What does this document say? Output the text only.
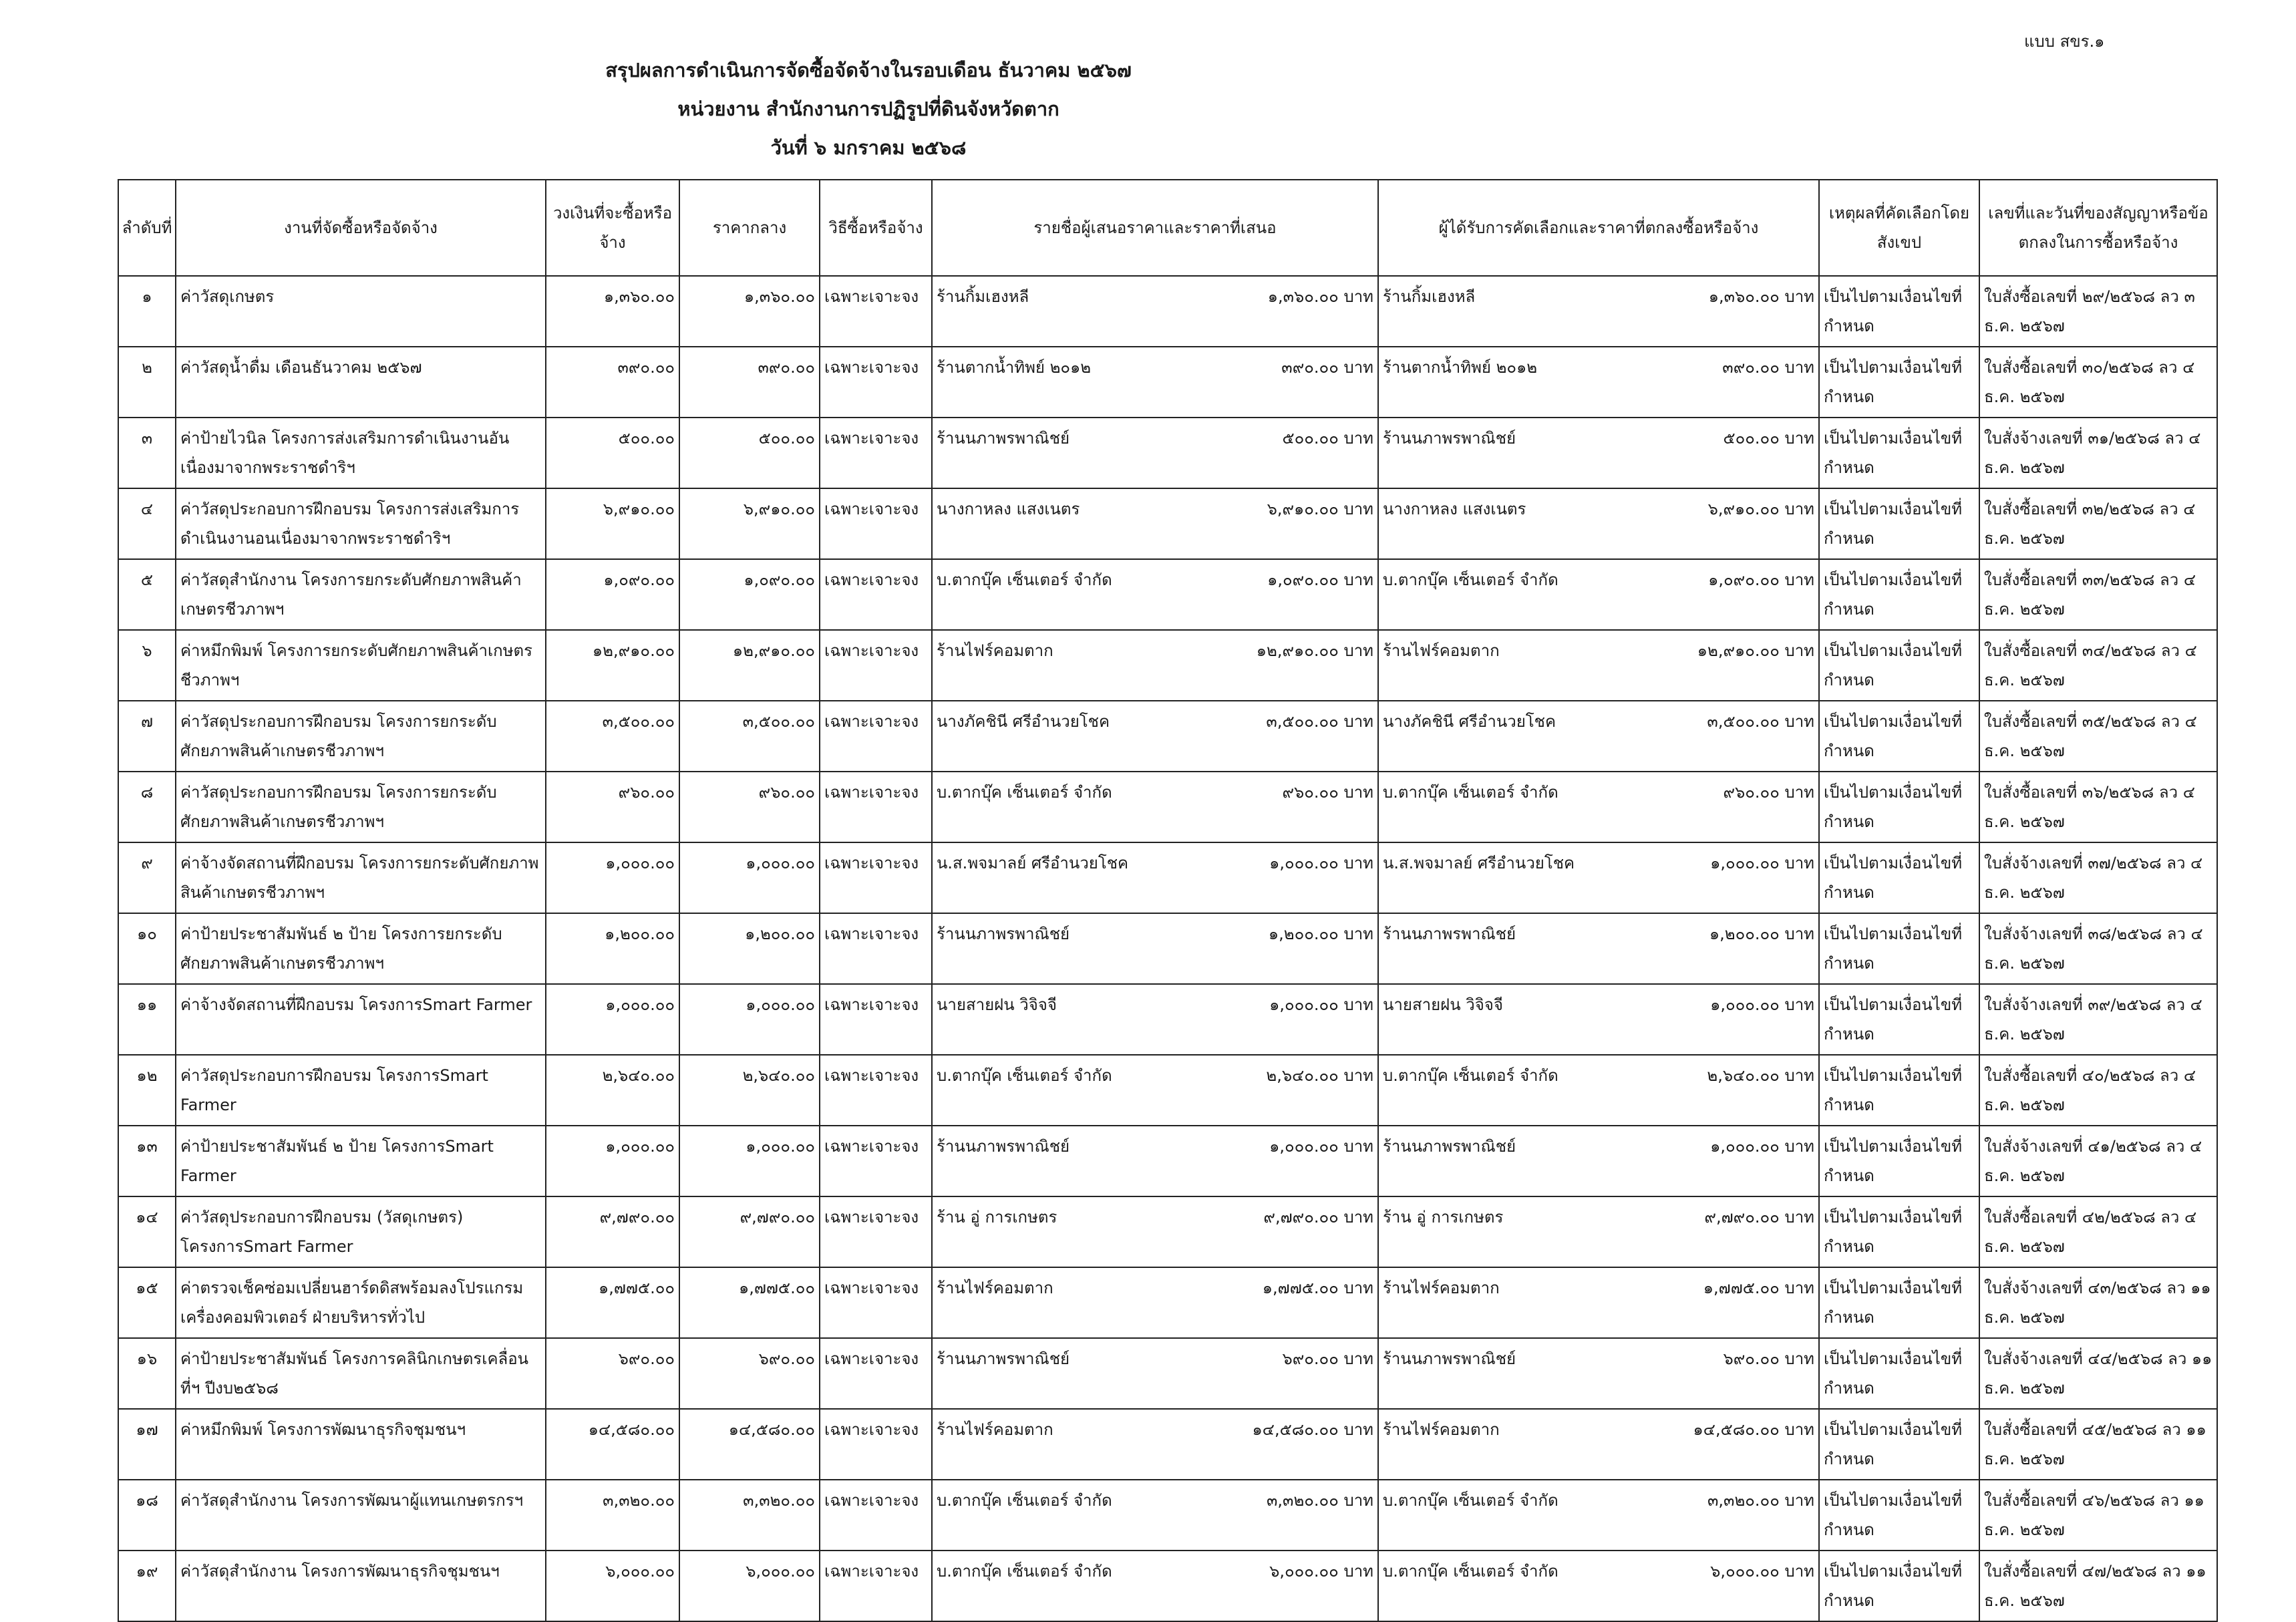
แบบ สขร.๑
สรุปผลการดำเนินการจัดซื้อจัดจ้างในรอบเดือน ธันวาคม ๒๕๖๗
หน่วยงาน สำนักงานการปฏิรูปที่ดินจังหวัดตาก
วันที่ ๖ มกราคม ๒๕๖๘
ลำดับที่	งานที่จัดซื้อหรือจัดจ้าง	วงเงินที่จะซื้อหรือจ้าง	ราคากลาง	วิธีซื้อหรือจ้าง	รายชื่อผู้เสนอราคาและราคาที่เสนอ	ผู้ได้รับการคัดเลือกและราคาที่ตกลงซื้อหรือจ้าง	เหตุผลที่คัดเลือกโดยสังเขป	เลขที่และวันที่ของสัญญาหรือข้อตกลงในการซื้อหรือจ้าง
๑	ค่าวัสดุเกษตร	๑,๓๖๐.๐๐	๑,๓๖๐.๐๐	เฉพาะเจาะจง	ร้านกิ้มเฮงหลี ๑,๓๖๐.๐๐ บาท	ร้านกิ้มเฮงหลี ๑,๓๖๐.๐๐ บาท	เป็นไปตามเงื่อนไขที่กำหนด	ใบสั่งซื้อเลขที่ ๒๙/๒๕๖๘ ลว ๓ ธ.ค. ๒๕๖๗
๒	ค่าวัสดุน้ำดื่ม เดือนธันวาคม ๒๕๖๗	๓๙๐.๐๐	๓๙๐.๐๐	เฉพาะเจาะจง	ร้านตากน้ำทิพย์ ๒๐๑๒ ๓๙๐.๐๐ บาท	ร้านตากน้ำทิพย์ ๒๐๑๒ ๓๙๐.๐๐ บาท	เป็นไปตามเงื่อนไขที่กำหนด	ใบสั่งซื้อเลขที่ ๓๐/๒๕๖๘ ลว ๔ ธ.ค. ๒๕๖๗
๓	ค่าป้ายไวนิล โครงการส่งเสริมการดำเนินงานอันเนื่องมาจากพระราชดำริฯ	๕๐๐.๐๐	๕๐๐.๐๐	เฉพาะเจาะจง	ร้านนภาพรพาณิชย์ ๕๐๐.๐๐ บาท	ร้านนภาพรพาณิชย์ ๕๐๐.๐๐ บาท	เป็นไปตามเงื่อนไขที่กำหนด	ใบสั่งจ้างเลขที่ ๓๑/๒๕๖๘ ลว ๔ ธ.ค. ๒๕๖๗
๔	ค่าวัสดุประกอบการฝึกอบรม โครงการส่งเสริมการดำเนินงานอนเนื่องมาจากพระราชดำริฯ	๖,๙๑๐.๐๐	๖,๙๑๐.๐๐	เฉพาะเจาะจง	นางกาหลง แสงเนตร ๖,๙๑๐.๐๐ บาท	นางกาหลง แสงเนตร ๖,๙๑๐.๐๐ บาท	เป็นไปตามเงื่อนไขที่กำหนด	ใบสั่งซื้อเลขที่ ๓๒/๒๕๖๘ ลว ๔ ธ.ค. ๒๕๖๗
๕	ค่าวัสดุสำนักงาน โครงการยกระดับศักยภาพสินค้าเกษตรชีวภาพฯ	๑,๐๙๐.๐๐	๑,๐๙๐.๐๐	เฉพาะเจาะจง	บ.ตากบุ๊ค เซ็นเตอร์ จำกัด ๑,๐๙๐.๐๐ บาท	บ.ตากบุ๊ค เซ็นเตอร์ จำกัด ๑,๐๙๐.๐๐ บาท	เป็นไปตามเงื่อนไขที่กำหนด	ใบสั่งซื้อเลขที่ ๓๓/๒๕๖๘ ลว ๔ ธ.ค. ๒๕๖๗
๖	ค่าหมึกพิมพ์ โครงการยกระดับศักยภาพสินค้าเกษตรชีวภาพฯ	๑๒,๙๑๐.๐๐	๑๒,๙๑๐.๐๐	เฉพาะเจาะจง	ร้านไฟร์คอมตาก ๑๒,๙๑๐.๐๐ บาท	ร้านไฟร์คอมตาก ๑๒,๙๑๐.๐๐ บาท	เป็นไปตามเงื่อนไขที่กำหนด	ใบสั่งซื้อเลขที่ ๓๔/๒๕๖๘ ลว ๔ ธ.ค. ๒๕๖๗
๗	ค่าวัสดุประกอบการฝึกอบรม โครงการยกระดับศักยภาพสินค้าเกษตรชีวภาพฯ	๓,๕๐๐.๐๐	๓,๕๐๐.๐๐	เฉพาะเจาะจง	นางภัคชินี ศรีอำนวยโชค ๓,๕๐๐.๐๐ บาท	นางภัคชินี ศรีอำนวยโชค ๓,๕๐๐.๐๐ บาท	เป็นไปตามเงื่อนไขที่กำหนด	ใบสั่งซื้อเลขที่ ๓๕/๒๕๖๘ ลว ๔ ธ.ค. ๒๕๖๗
๘	ค่าวัสดุประกอบการฝึกอบรม โครงการยกระดับศักยภาพสินค้าเกษตรชีวภาพฯ	๙๖๐.๐๐	๙๖๐.๐๐	เฉพาะเจาะจง	บ.ตากบุ๊ค เซ็นเตอร์ จำกัด ๙๖๐.๐๐ บาท	บ.ตากบุ๊ค เซ็นเตอร์ จำกัด ๙๖๐.๐๐ บาท	เป็นไปตามเงื่อนไขที่กำหนด	ใบสั่งซื้อเลขที่ ๓๖/๒๕๖๘ ลว ๔ ธ.ค. ๒๕๖๗
๙	ค่าจ้างจัดสถานที่ฝึกอบรม โครงการยกระดับศักยภาพสินค้าเกษตรชีวภาพฯ	๑,๐๐๐.๐๐	๑,๐๐๐.๐๐	เฉพาะเจาะจง	น.ส.พจมาลย์ ศรีอำนวยโชค ๑,๐๐๐.๐๐ บาท	น.ส.พจมาลย์ ศรีอำนวยโชค ๑,๐๐๐.๐๐ บาท	เป็นไปตามเงื่อนไขที่กำหนด	ใบสั่งจ้างเลขที่ ๓๗/๒๕๖๘ ลว ๔ ธ.ค. ๒๕๖๗
๑๐	ค่าป้ายประชาสัมพันธ์ ๒ ป้าย โครงการยกระดับศักยภาพสินค้าเกษตรชีวภาพฯ	๑,๒๐๐.๐๐	๑,๒๐๐.๐๐	เฉพาะเจาะจง	ร้านนภาพรพาณิชย์ ๑,๒๐๐.๐๐ บาท	ร้านนภาพรพาณิชย์ ๑,๒๐๐.๐๐ บาท	เป็นไปตามเงื่อนไขที่กำหนด	ใบสั่งจ้างเลขที่ ๓๘/๒๕๖๘ ลว ๔ ธ.ค. ๒๕๖๗
๑๑	ค่าจ้างจัดสถานที่ฝึกอบรม โครงการSmart Farmer	๑,๐๐๐.๐๐	๑,๐๐๐.๐๐	เฉพาะเจาะจง	นายสายฝน วิจิจจี ๑,๐๐๐.๐๐ บาท	นายสายฝน วิจิจจี ๑,๐๐๐.๐๐ บาท	เป็นไปตามเงื่อนไขที่กำหนด	ใบสั่งจ้างเลขที่ ๓๙/๒๕๖๘ ลว ๔ ธ.ค. ๒๕๖๗
๑๒	ค่าวัสดุประกอบการฝึกอบรม โครงการSmart Farmer	๒,๖๔๐.๐๐	๒,๖๔๐.๐๐	เฉพาะเจาะจง	บ.ตากบุ๊ค เซ็นเตอร์ จำกัด ๒,๖๔๐.๐๐ บาท	บ.ตากบุ๊ค เซ็นเตอร์ จำกัด ๒,๖๔๐.๐๐ บาท	เป็นไปตามเงื่อนไขที่กำหนด	ใบสั่งซื้อเลขที่ ๔๐/๒๕๖๘ ลว ๔ ธ.ค. ๒๕๖๗
๑๓	ค่าป้ายประชาสัมพันธ์ ๒ ป้าย โครงการSmart Farmer	๑,๐๐๐.๐๐	๑,๐๐๐.๐๐	เฉพาะเจาะจง	ร้านนภาพรพาณิชย์ ๑,๐๐๐.๐๐ บาท	ร้านนภาพรพาณิชย์ ๑,๐๐๐.๐๐ บาท	เป็นไปตามเงื่อนไขที่กำหนด	ใบสั่งจ้างเลขที่ ๔๑/๒๕๖๘ ลว ๔ ธ.ค. ๒๕๖๗
๑๔	ค่าวัสดุประกอบการฝึกอบรม (วัสดุเกษตร) โครงการSmart Farmer	๙,๗๙๐.๐๐	๙,๗๙๐.๐๐	เฉพาะเจาะจง	ร้าน อู่ การเกษตร ๙,๗๙๐.๐๐ บาท	ร้าน อู่ การเกษตร ๙,๗๙๐.๐๐ บาท	เป็นไปตามเงื่อนไขที่กำหนด	ใบสั่งซื้อเลขที่ ๔๒/๒๕๖๘ ลว ๔ ธ.ค. ๒๕๖๗
๑๕	ค่าตรวจเช็คซ่อมเปลี่ยนฮาร์ดดิสพร้อมลงโปรแกรมเครื่องคอมพิวเตอร์ ฝ่ายบริหารทั่วไป	๑,๗๗๕.๐๐	๑,๗๗๕.๐๐	เฉพาะเจาะจง	ร้านไฟร์คอมตาก ๑,๗๗๕.๐๐ บาท	ร้านไฟร์คอมตาก ๑,๗๗๕.๐๐ บาท	เป็นไปตามเงื่อนไขที่กำหนด	ใบสั่งจ้างเลขที่ ๔๓/๒๕๖๘ ลว ๑๑ ธ.ค. ๒๕๖๗
๑๖	ค่าป้ายประชาสัมพันธ์ โครงการคลินิกเกษตรเคลื่อนที่ฯ ปีงบ๒๕๖๘	๖๙๐.๐๐	๖๙๐.๐๐	เฉพาะเจาะจง	ร้านนภาพรพาณิชย์ ๖๙๐.๐๐ บาท	ร้านนภาพรพาณิชย์ ๖๙๐.๐๐ บาท	เป็นไปตามเงื่อนไขที่กำหนด	ใบสั่งจ้างเลขที่ ๔๔/๒๕๖๘ ลว ๑๑ ธ.ค. ๒๕๖๗
๑๗	ค่าหมึกพิมพ์ โครงการพัฒนาธุรกิจชุมชนฯ	๑๔,๕๘๐.๐๐	๑๔,๕๘๐.๐๐	เฉพาะเจาะจง	ร้านไฟร์คอมตาก ๑๔,๕๘๐.๐๐ บาท	ร้านไฟร์คอมตาก ๑๔,๕๘๐.๐๐ บาท	เป็นไปตามเงื่อนไขที่กำหนด	ใบสั่งซื้อเลขที่ ๔๕/๒๕๖๘ ลว ๑๑ ธ.ค. ๒๕๖๗
๑๘	ค่าวัสดุสำนักงาน โครงการพัฒนาผู้แทนเกษตรกรฯ	๓,๓๒๐.๐๐	๓,๓๒๐.๐๐	เฉพาะเจาะจง	บ.ตากบุ๊ค เซ็นเตอร์ จำกัด ๓,๓๒๐.๐๐ บาท	บ.ตากบุ๊ค เซ็นเตอร์ จำกัด ๓,๓๒๐.๐๐ บาท	เป็นไปตามเงื่อนไขที่กำหนด	ใบสั่งซื้อเลขที่ ๔๖/๒๕๖๘ ลว ๑๑ ธ.ค. ๒๕๖๗
๑๙	ค่าวัสดุสำนักงาน โครงการพัฒนาธุรกิจชุมชนฯ	๖,๐๐๐.๐๐	๖,๐๐๐.๐๐	เฉพาะเจาะจง	บ.ตากบุ๊ค เซ็นเตอร์ จำกัด ๖,๐๐๐.๐๐ บาท	บ.ตากบุ๊ค เซ็นเตอร์ จำกัด ๖,๐๐๐.๐๐ บาท	เป็นไปตามเงื่อนไขที่กำหนด	ใบสั่งซื้อเลขที่ ๔๗/๒๕๖๘ ลว ๑๑ ธ.ค. ๒๕๖๗
